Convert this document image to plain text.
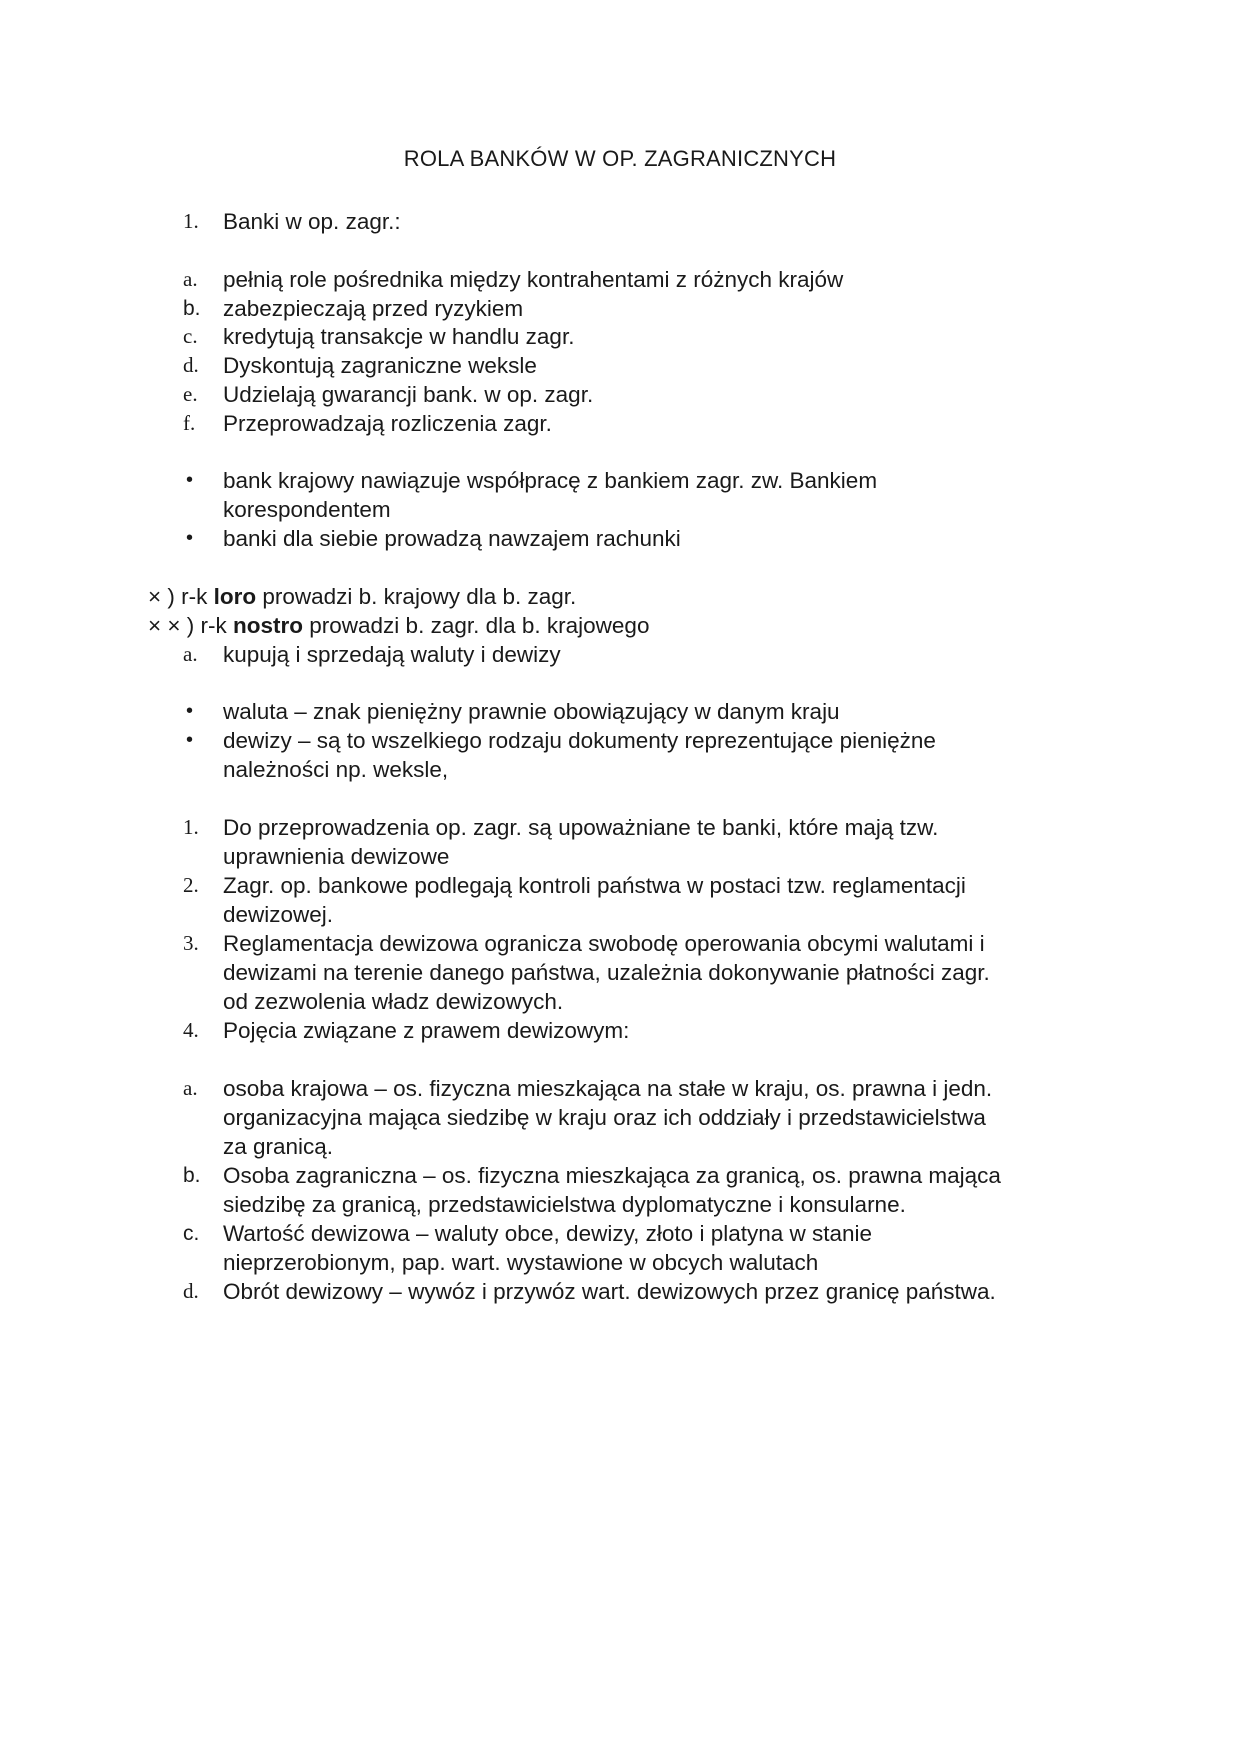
ROLA BANKÓW W OP. ZAGRANICZNYCH
1. Banki w op. zagr.:
a. pełnią role pośrednika między kontrahentami z różnych krajów
b. zabezpieczają przed ryzykiem
c. kredytują transakcje w handlu zagr.
d. Dyskontują zagraniczne weksle
e. Udzielają gwarancji bank. w op. zagr.
f. Przeprowadzają rozliczenia zagr.
• bank krajowy nawiązuje współpracę z bankiem zagr. zw. Bankiem
korespondentem
• banki dla siebie prowadzą nawzajem rachunki
× ) r-k loro prowadzi b. krajowy dla b. zagr.
× × ) r-k nostro prowadzi b. zagr. dla b. krajowego
a. kupują i sprzedają waluty i dewizy
• waluta – znak pieniężny prawnie obowiązujący w danym kraju
• dewizy – są to wszelkiego rodzaju dokumenty reprezentujące pieniężne
należności np. weksle,
1. Do przeprowadzenia op. zagr. są upoważniane te banki, które mają tzw.
uprawnienia dewizowe
2. Zagr. op. bankowe podlegają kontroli państwa w postaci tzw. reglamentacji
dewizowej.
3. Reglamentacja dewizowa ogranicza swobodę operowania obcymi walutami i
dewizami na terenie danego państwa, uzależnia dokonywanie płatności zagr.
od zezwolenia władz dewizowych.
4. Pojęcia związane z prawem dewizowym:
a. osoba krajowa – os. fizyczna mieszkająca na stałe w kraju, os. prawna i jedn.
organizacyjna mająca siedzibę w kraju oraz ich oddziały i przedstawicielstwa
za granicą.
b. Osoba zagraniczna – os. fizyczna mieszkająca za granicą, os. prawna mająca
siedzibę za granicą, przedstawicielstwa dyplomatyczne i konsularne.
c. Wartość dewizowa – waluty obce, dewizy, złoto i platyna w stanie
nieprzerobionym, pap. wart. wystawione w obcych walutach
d. Obrót dewizowy – wywóz i przywóz wart. dewizowych przez granicę państwa.
